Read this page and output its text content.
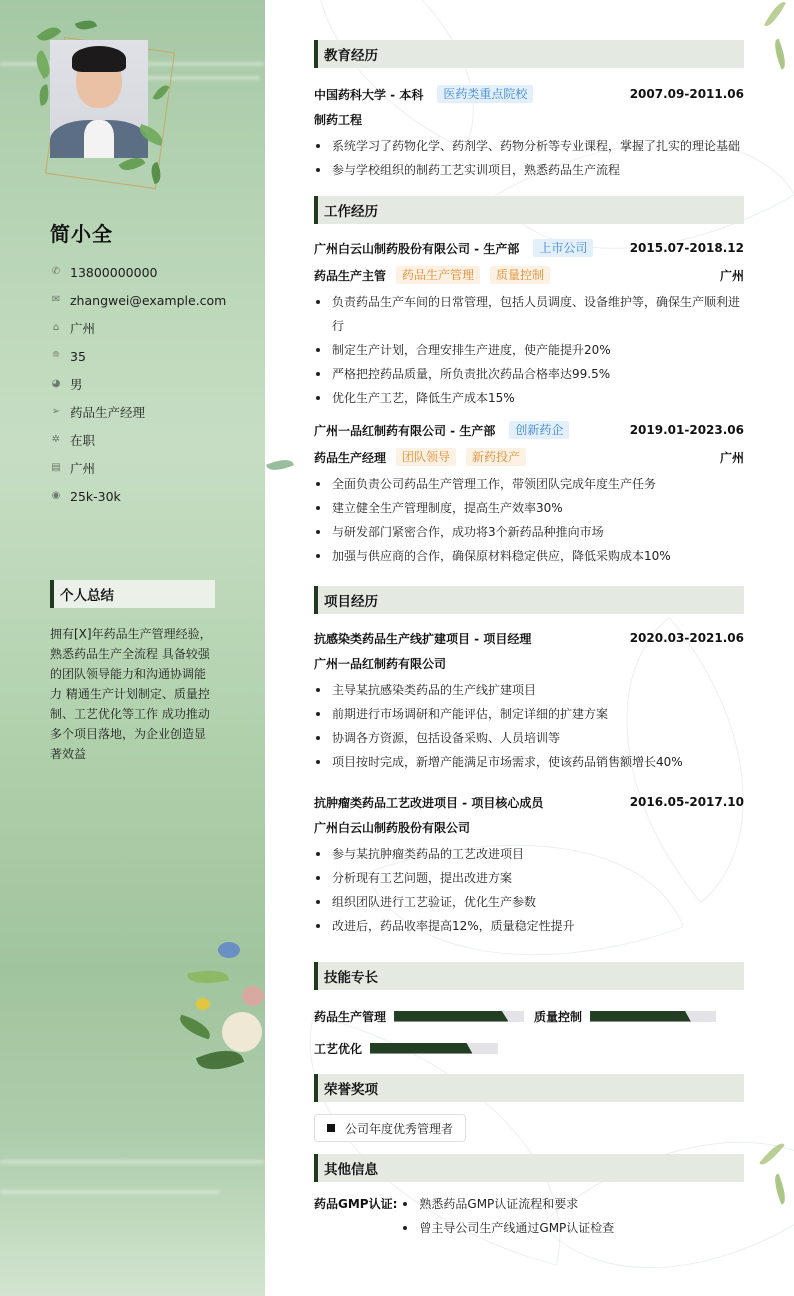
简小全
✆ 13800000000
✉ zhangwei@example.com
⌂ 广州
≘ 35
◕ 男
➢ 药品生产经理
✲ 在职
▤ 广州
◉ 25k-30k
个人总结
拥有[X]年药品生产管理经验，熟悉药品生产全流程 具备较强的团队领导能力和沟通协调能力 精通生产计划制定、质量控制、工艺优化等工作 成功推动多个项目落地，为企业创造显著效益
教育经历
中国药科大学 - 本科	医药类重点院校	2007.09-2011.06
制药工程
系统学习了药物化学、药剂学、药物分析等专业课程，掌握了扎实的理论基础
参与学校组织的制药工艺实训项目，熟悉药品生产流程
工作经历
广州白云山制药股份有限公司 - 生产部	上市公司	2015.07-2018.12
药品生产主管	药品生产管理	质量控制	广州
负责药品生产车间的日常管理，包括人员调度、设备维护等，确保生产顺利进行
制定生产计划，合理安排生产进度，使产能提升20%
严格把控药品质量，所负责批次药品合格率达99.5%
优化生产工艺，降低生产成本15%
广州一品红制药有限公司 - 生产部	创新药企	2019.01-2023.06
药品生产经理	团队领导	新药投产	广州
全面负责公司药品生产管理工作，带领团队完成年度生产任务
建立健全生产管理制度，提高生产效率30%
与研发部门紧密合作，成功将3个新药品种推向市场
加强与供应商的合作，确保原材料稳定供应，降低采购成本10%
项目经历
抗感染类药品生产线扩建项目 - 项目经理	2020.03-2021.06
广州一品红制药有限公司
主导某抗感染类药品的生产线扩建项目
前期进行市场调研和产能评估，制定详细的扩建方案
协调各方资源，包括设备采购、人员培训等
项目按时完成，新增产能满足市场需求，使该药品销售额增长40%
抗肿瘤类药品工艺改进项目 - 项目核心成员	2016.05-2017.10
广州白云山制药股份有限公司
参与某抗肿瘤类药品的工艺改进项目
分析现有工艺问题，提出改进方案
组织团队进行工艺验证，优化生产参数
改进后，药品收率提高12%，质量稳定性提升
技能专长
药品生产管理	质量控制
工艺优化
荣誉奖项
公司年度优秀管理者
其他信息
药品GMP认证:	熟悉药品GMP认证流程和要求
曾主导公司生产线通过GMP认证检查
